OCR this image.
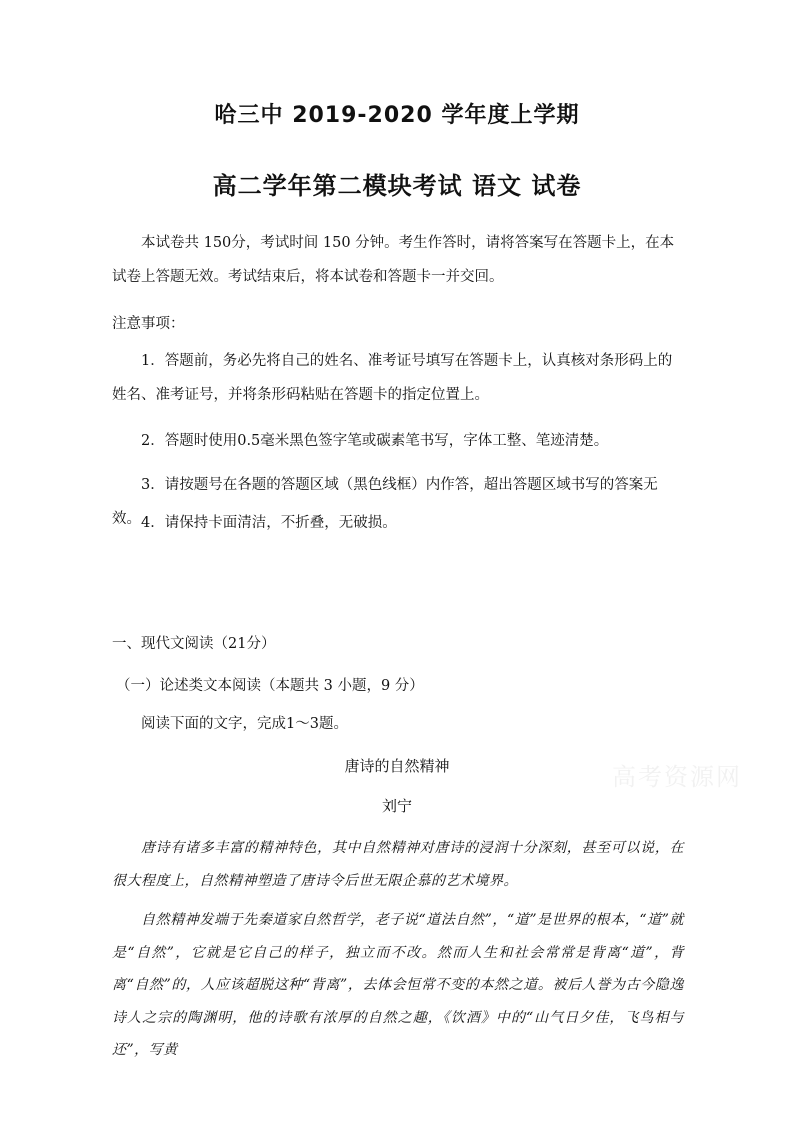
哈三中 2019-2020 学年度上学期
高二学年第二模块考试 语文 试卷

本试卷共 150分，考试时间 150 分钟。考生作答时，请将答案写在答题卡上，在本试卷上答题无效。考试结束后，将本试卷和答题卡一并交回。

注意事项：

1．答题前，务必先将自己的姓名、准考证号填写在答题卡上，认真核对条形码上的姓名、准考证号，并将条形码粘贴在答题卡的指定位置上。

2．答题时使用0.5毫米黑色签字笔或碳素笔书写，字体工整、笔迹清楚。

3．请按题号在各题的答题区域（黑色线框）内作答，超出答题区域书写的答案无效。 4．请保持卡面清洁，不折叠，无破损。

一、现代文阅读（21分）
（一）论述类文本阅读（本题共 3 小题，9 分）
阅读下面的文字，完成1～3题。
唐诗的自然精神
刘宁
高考资源网

唐诗有诸多丰富的精神特色，其中自然精神对唐诗的浸润十分深刻，甚至可以说，在很大程度上，自然精神塑造了唐诗令后世无限企慕的艺术境界。

自然精神发端于先秦道家自然哲学，老子说“道法自然”，“道”是世界的根本，“道”就是“自然”，它就是它自己的样子，独立而不改。然而人生和社会常常是背离“道”，背离“自然”的，人应该超脱这种“背离”，去体会恒常不变的本然之道。被后人誉为古今隐逸诗人之宗的陶渊明，他的诗歌有浓厚的自然之趣，《饮酒》中的“山气日夕佳，飞鸟相与还”，写黄
